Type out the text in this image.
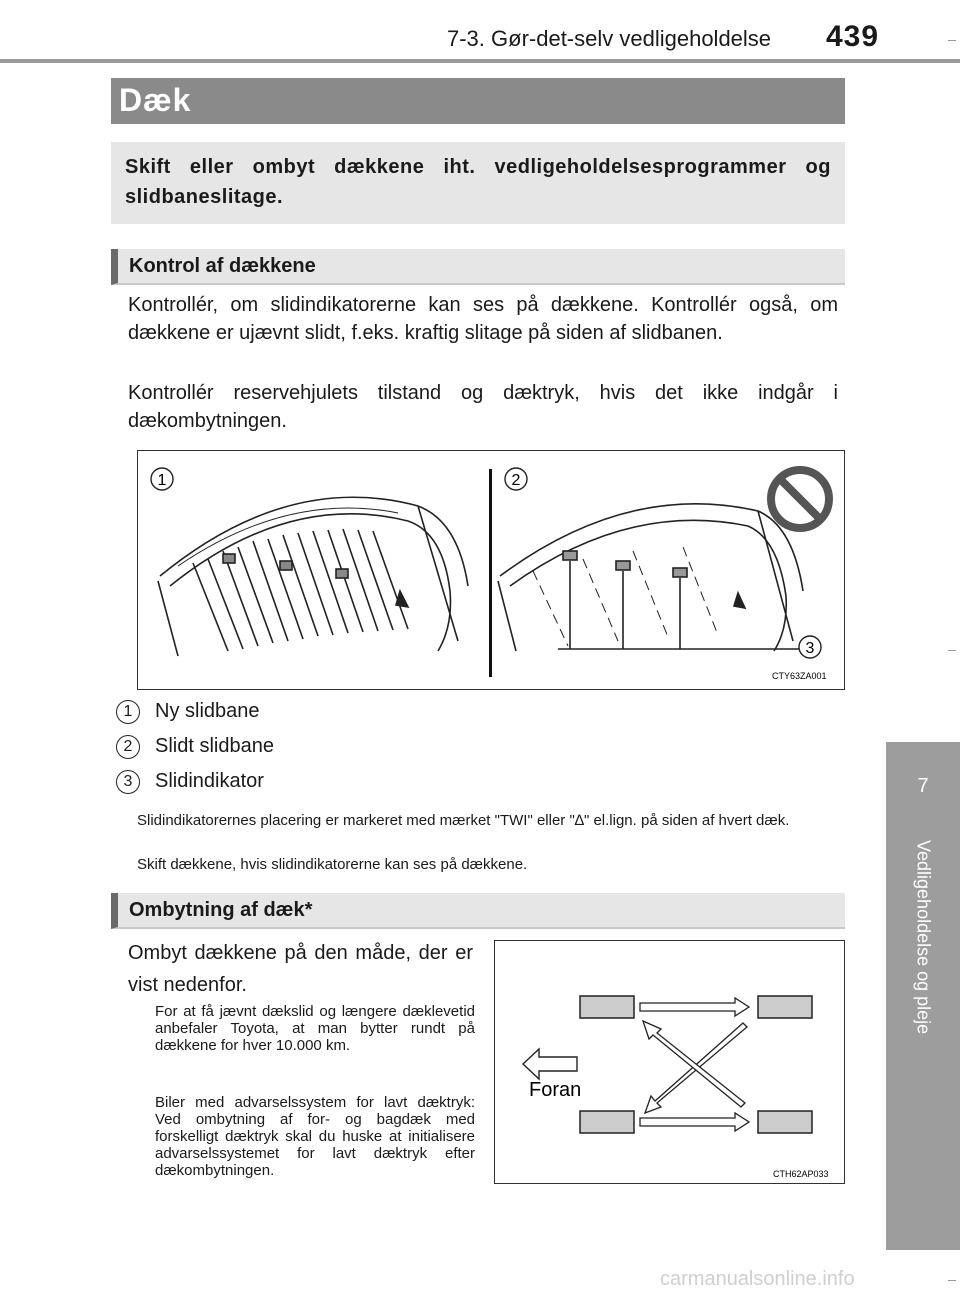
7-3. Gør-det-selv vedligeholdelse 439
7
Vedligeholdelse og pleje
Dæk

Skift eller ombyt dækkene iht. vedligeholdelsesprogrammer og slidbaneslitage.

Kontrol af dækkene

Kontrollér, om slidindikatorerne kan ses på dækkene. Kontrollér også, om dækkene er ujævnt slidt, f.eks. kraftig slitage på siden af slidbanen.

Kontrollér reservehjulets tilstand og dæktryk, hvis det ikke indgår i dækombytningen.

1	2
3
CTY63ZA001
1	Ny slidbane
2	Slidt slidbane
3	Slidindikator

Slidindikatorernes placering er markeret med mærket "TWI" eller "∆" el.lign. på siden af hvert dæk.

Skift dækkene, hvis slidindikatorerne kan ses på dækkene.

Ombytning af dæk*

Ombyt dækkene på den måde, der er vist nedenfor.

For at få jævnt dækslid og længere dæklevetid anbefaler Toyota, at man bytter rundt på dækkene for hver 10.000 km.

Biler med advarselssystem for lavt dæktryk: Ved ombytning af for- og bagdæk med forskelligt dæktryk skal du huske at initialisere advarselssystemet for lavt dæktryk efter dækombytningen.

Foran
CTH62AP033
carmanualsonline.info
